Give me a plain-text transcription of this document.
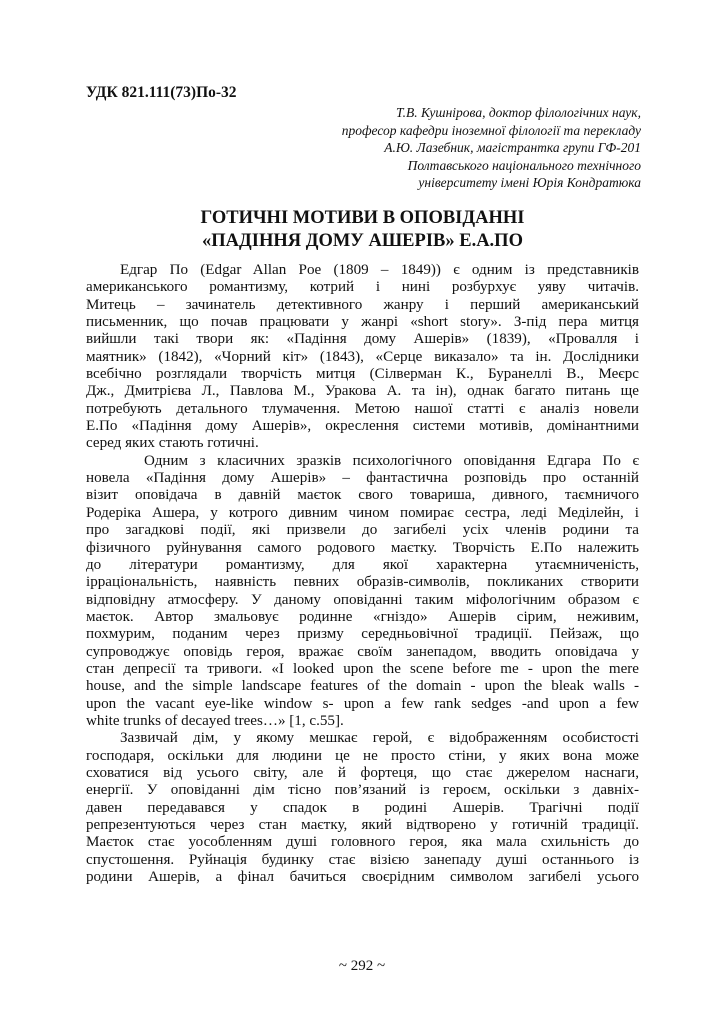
УДК 821.111(73)По-32
Т.В. Кушнірова, доктор філологічних наук,
професор кафедри іноземної філології та перекладу
А.Ю. Лазебник, магістрантка групи ГФ-201
Полтавського національного технічного
університету імені Юрія Кондратюка
ГОТИЧНІ МОТИВИ В ОПОВІДАННІ
«ПАДІННЯ ДОМУ АШЕРІВ» Е.А.ПО
Едгар По (Edgar Allan Poe (1809 – 1849)) є одним із представників
американського романтизму, котрий і нині розбурхує уяву читачів.
Митець – зачинатель детективного жанру і перший американський
письменник, що почав працювати у жанрі «short story». З-під пера митця
вийшли такі твори як: «Падіння дому Ашерів» (1839), «Провалля і
маятник» (1842), «Чорний кіт» (1843), «Серце виказало» та ін. Дослідники
всебічно розглядали творчість митця (Сілверман К., Буранеллі В., Меєрс
Дж., Дмитрієва Л., Павлова М., Уракова А. та ін), однак багато питань ще
потребують детального тлумачення. Метою нашої статті є аналіз новели
Е.По «Падіння дому Ашерів», окреслення системи мотивів, домінантними
серед яких стають готичні.
Одним з класичних зразків психологічного оповідання Едгара По є
новела «Падіння дому Ашерів» – фантастична розповідь про останній
візит оповідача в давній маєток свого товариша, дивного, таємничого
Родеріка Ашера, у котрого дивним чином помирає сестра, леді Меділейн, і
про загадкові події, які призвели до загибелі усіх членів родини та
фізичного руйнування самого родового маєтку. Творчість Е.По належить
до літератури романтизму, для якої характерна утаємниченість,
ірраціональність, наявність певних образів-символів, покликаних створити
відповідну атмосферу. У даному оповіданні таким міфологічним образом є
маєток. Автор змальовує родинне «гніздо» Ашерів сірим, неживим,
похмурим, поданим через призму середньовічної традиції. Пейзаж, що
супроводжує оповідь героя, вражає своїм занепадом, вводить оповідача у
стан депресії та тривоги. «I looked upon the scene before me - upon the mere
house, and the simple landscape features of the domain - upon the bleak walls -
upon the vacant eye-like window s- upon a few rank sedges -and upon a few
white trunks of decayed trees…» [1, c.55].
Зазвичай дім, у якому мешкає герой, є відображенням особистості
господаря, оскільки для людини це не просто стіни, у яких вона може
сховатися від усього світу, але й фортеця, що стає джерелом наснаги,
енергії. У оповіданні дім тісно пов’язаний із героєм, оскільки з давніх-
давен передавався у спадок в родині Ашерів. Трагічні події
репрезентуються через стан маєтку, який відтворено у готичній традиції.
Маєток стає уособленням душі головного героя, яка мала схильність до
спустошення. Руйнація будинку стає візією занепаду душі останнього із
родини Ашерів, а фінал бачиться своєрідним символом загибелі усього
~ 292 ~
